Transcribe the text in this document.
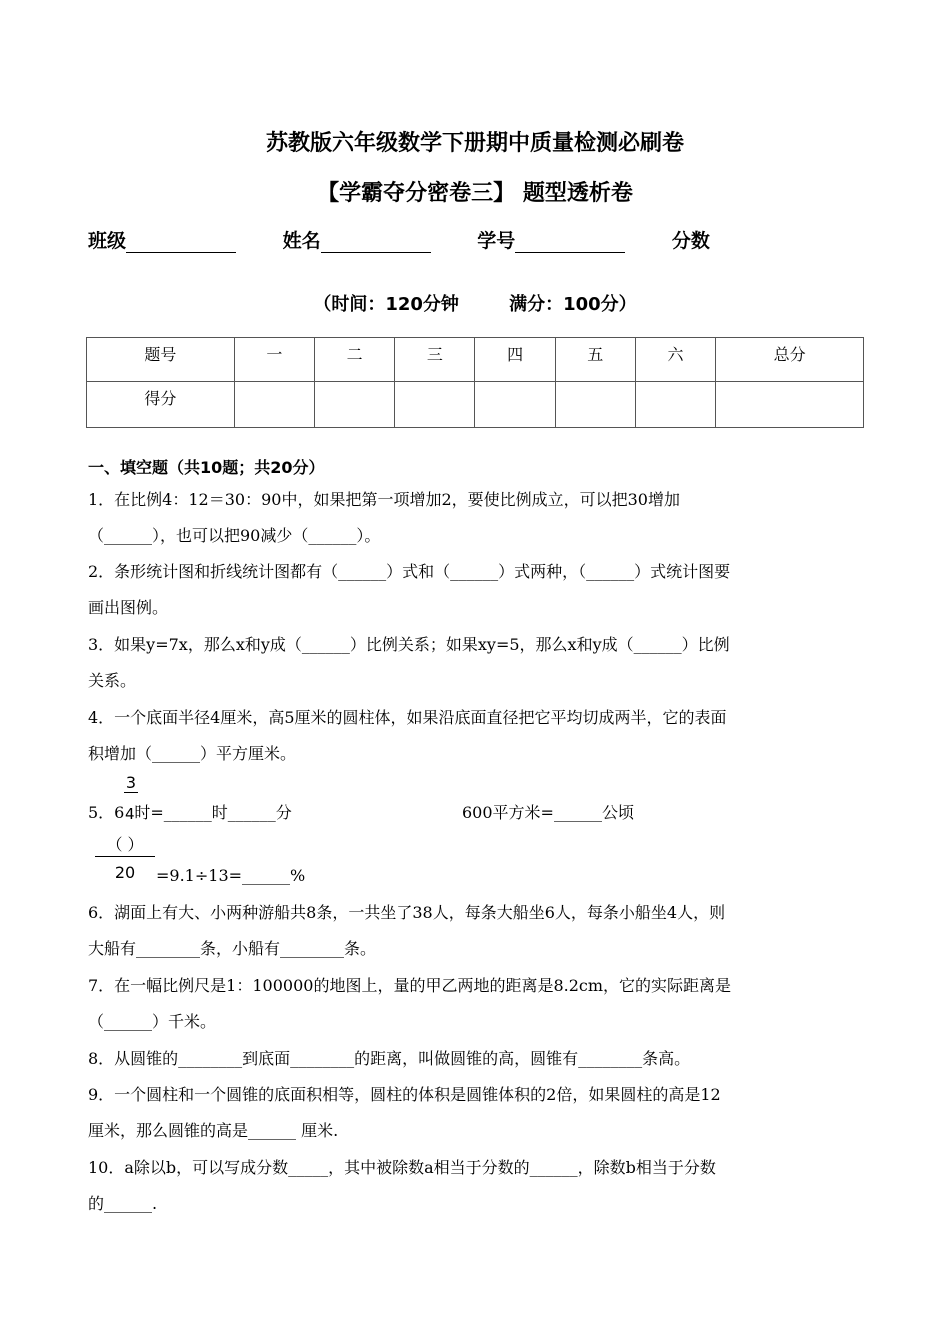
苏教版六年级数学下册期中质量检测必刷卷
【学霸夺分密卷三】 题型透析卷
班级	姓名	学号	分数
（时间：120分钟        满分：100分）
题号	一	二	三	四	五	六	总分
得分							
一、填空题（共10题；共20分）
1．在比例4：12＝30：90中，如果把第一项增加2，要使比例成立，可以把30增加
（______），也可以把90减少（______）。
2．条形统计图和折线统计图都有（______）式和（______）式两种，（______）式统计图要
画出图例。
3．如果y=7x，那么x和y成（______）比例关系；如果xy=5，那么x和y成（______）比例
关系。
4．一个底面半径4厘米，高5厘米的圆柱体，如果沿底面直径把它平均切成两半，它的表面
积增加（______）平方厘米。
5．6 时=______时______分
3
4	600平方米=______公顷
（ ）
20	=9.1÷13=______%
6．湖面上有大、小两种游船共8条，一共坐了38人，每条大船坐6人，每条小船坐4人，则
大船有________条，小船有________条。
7．在一幅比例尺是1：100000的地图上，量的甲乙两地的距离是8.2cm，它的实际距离是
（______）千米。
8．从圆锥的________到底面________的距离，叫做圆锥的高，圆锥有________条高。
9．一个圆柱和一个圆锥的底面积相等，圆柱的体积是圆锥体积的2倍，如果圆柱的高是12
厘米，那么圆锥的高是______ 厘米.
10．a除以b，可以写成分数_____，其中被除数a相当于分数的______，除数b相当于分数
的______.
